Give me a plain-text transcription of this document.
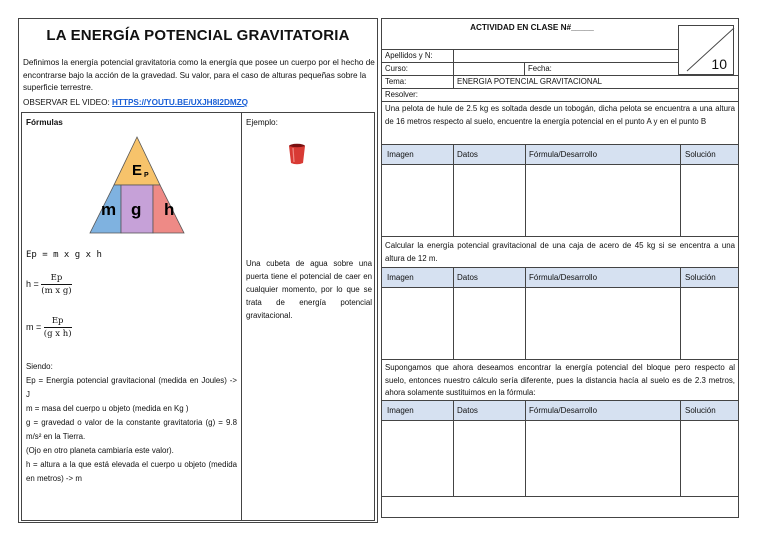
LA ENERGÍA POTENCIAL GRAVITATORIA
Definimos la energía potencial gravitatoria como la energía que posee un cuerpo por el hecho de encontrarse bajo la acción de la gravedad. Su valor, para el caso de alturas pequeñas sobre la superficie terrestre.
OBSERVAR EL VIDEO: HTTPS://YOUTU.BE/UXJH8I2DMZQ
Fórmulas	Ejemplo:
E P
m g h
Ep = m x g x h
$h = \frac{Ep}{\text{(m x g)}}$
$m = \frac{Ep}{\text{(g x h)}}$
Siendo:
Ep = Energía potencial gravitacional (medida en Joules) -> J
m = masa del cuerpo u objeto (medida en Kg )
g = gravedad o valor de la constante gravitatoria (g) = 9.8 m/s² en la Tierra.
(Ojo en otro planeta cambiaría este valor).
h = altura a la que está elevada el cuerpo u objeto (medida en metros) -> m
Una cubeta de agua sobre una puerta tiene el potencial de caer en cualquier momento, por lo que se trata de energía potencial gravitacional.
ACTIVIDAD EN CLASE N#_____
10
Apellidos y N:
Curso:	Fecha:
Tema:	ENERGIA POTENCIAL GRAVITACIONAL
Resolver:
Una pelota de hule de 2.5 kg es soltada desde un tobogán, dicha pelota se encuentra a una altura de 16 metros respecto al suelo, encuentre la energía potencial en el punto A y en el punto B
Imagen	Datos	Fórmula/Desarrollo	Solución
Calcular la energía potencial gravitacional de una caja de acero de 45 kg si se encentra a una altura de 12 m.
Imagen	Datos	Fórmula/Desarrollo	Solución
Supongamos que ahora deseamos encontrar la energía potencial del bloque pero respecto al suelo, entonces nuestro cálculo sería diferente, pues la distancia hacía al suelo es de 2.3 metros, ahora solamente sustituimos en la fórmula:
Imagen	Datos	Fórmula/Desarrollo	Solución
